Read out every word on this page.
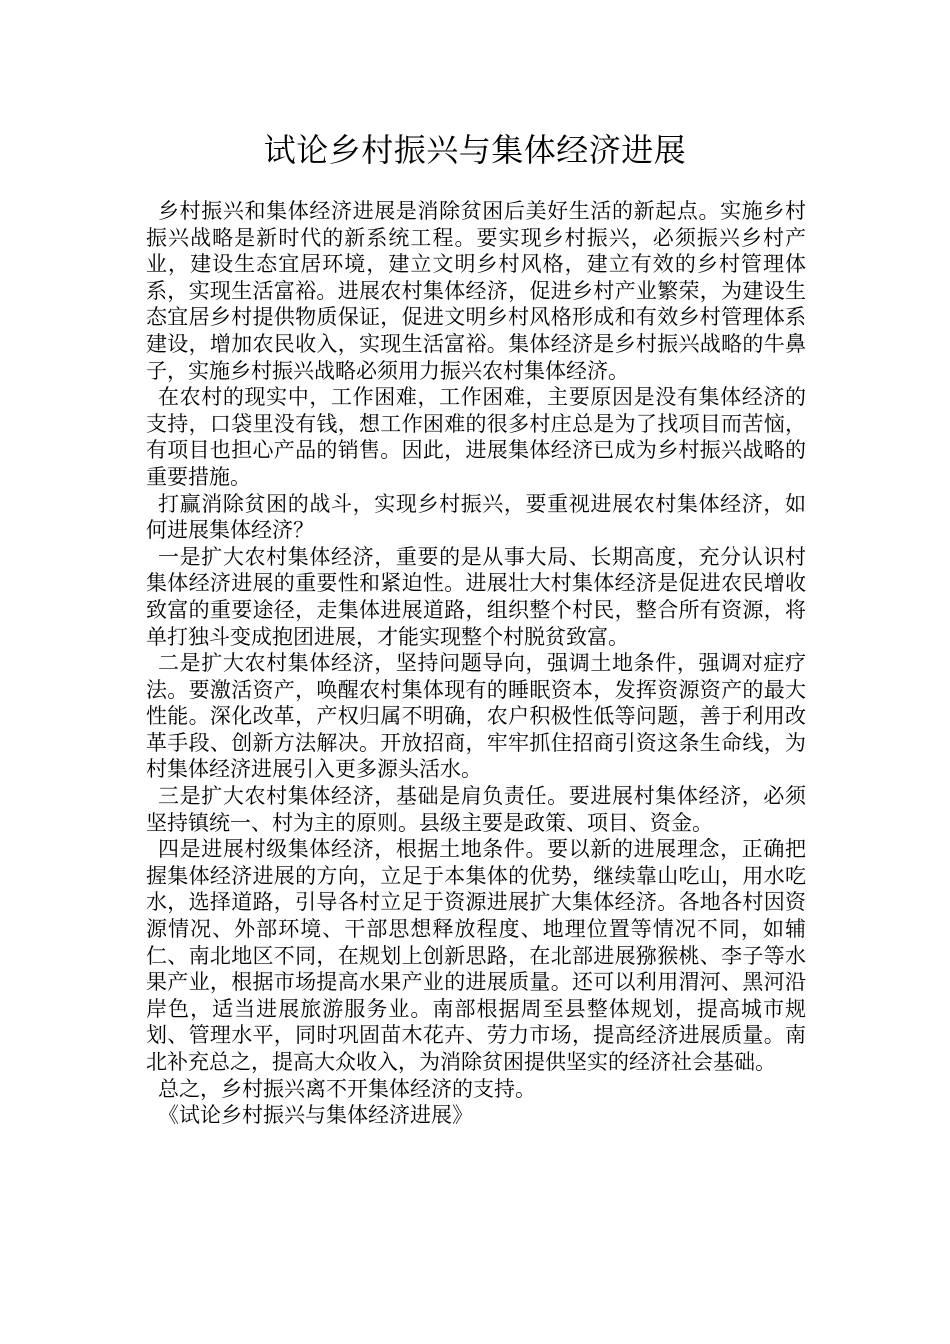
试论乡村振兴与集体经济进展

乡村振兴和集体经济进展是消除贫困后美好生活的新起点。实施乡村振兴战略是新时代的新系统工程。要实现乡村振兴，必须振兴乡村产业，建设生态宜居环境，建立文明乡村风格，建立有效的乡村管理体系，实现生活富裕。进展农村集体经济，促进乡村产业繁荣，为建设生态宜居乡村提供物质保证，促进文明乡村风格形成和有效乡村管理体系建设，增加农民收入，实现生活富裕。集体经济是乡村振兴战略的牛鼻子，实施乡村振兴战略必须用力振兴农村集体经济。

在农村的现实中，工作困难，工作困难，主要原因是没有集体经济的支持，口袋里没有钱，想工作困难的很多村庄总是为了找项目而苦恼，有项目也担心产品的销售。因此，进展集体经济已成为乡村振兴战略的重要措施。

打赢消除贫困的战斗，实现乡村振兴，要重视进展农村集体经济，如何进展集体经济？

一是扩大农村集体经济，重要的是从事大局、长期高度，充分认识村集体经济进展的重要性和紧迫性。进展壮大村集体经济是促进农民增收致富的重要途径，走集体进展道路，组织整个村民，整合所有资源，将单打独斗变成抱团进展，才能实现整个村脱贫致富。

二是扩大农村集体经济，坚持问题导向，强调土地条件，强调对症疗法。要激活资产，唤醒农村集体现有的睡眠资本，发挥资源资产的最大性能。深化改革，产权归属不明确，农户积极性低等问题，善于利用改革手段、创新方法解决。开放招商，牢牢抓住招商引资这条生命线，为村集体经济进展引入更多源头活水。

三是扩大农村集体经济，基础是肩负责任。要进展村集体经济，必须坚持镇统一、村为主的原则。县级主要是政策、项目、资金。

四是进展村级集体经济，根据土地条件。要以新的进展理念，正确把握集体经济进展的方向，立足于本集体的优势，继续靠山吃山，用水吃水，选择道路，引导各村立足于资源进展扩大集体经济。各地各村因资源情况、外部环境、干部思想释放程度、地理位置等情况不同，如辅仁、南北地区不同，在规划上创新思路，在北部进展猕猴桃、李子等水果产业，根据市场提高水果产业的进展质量。还可以利用渭河、黑河沿岸色，适当进展旅游服务业。南部根据周至县整体规划，提高城市规划、管理水平，同时巩固苗木花卉、劳力市场，提高经济进展质量。南北补充总之，提高大众收入，为消除贫困提供坚实的经济社会基础。

总之，乡村振兴离不开集体经济的支持。

《试论乡村振兴与集体经济进展》
